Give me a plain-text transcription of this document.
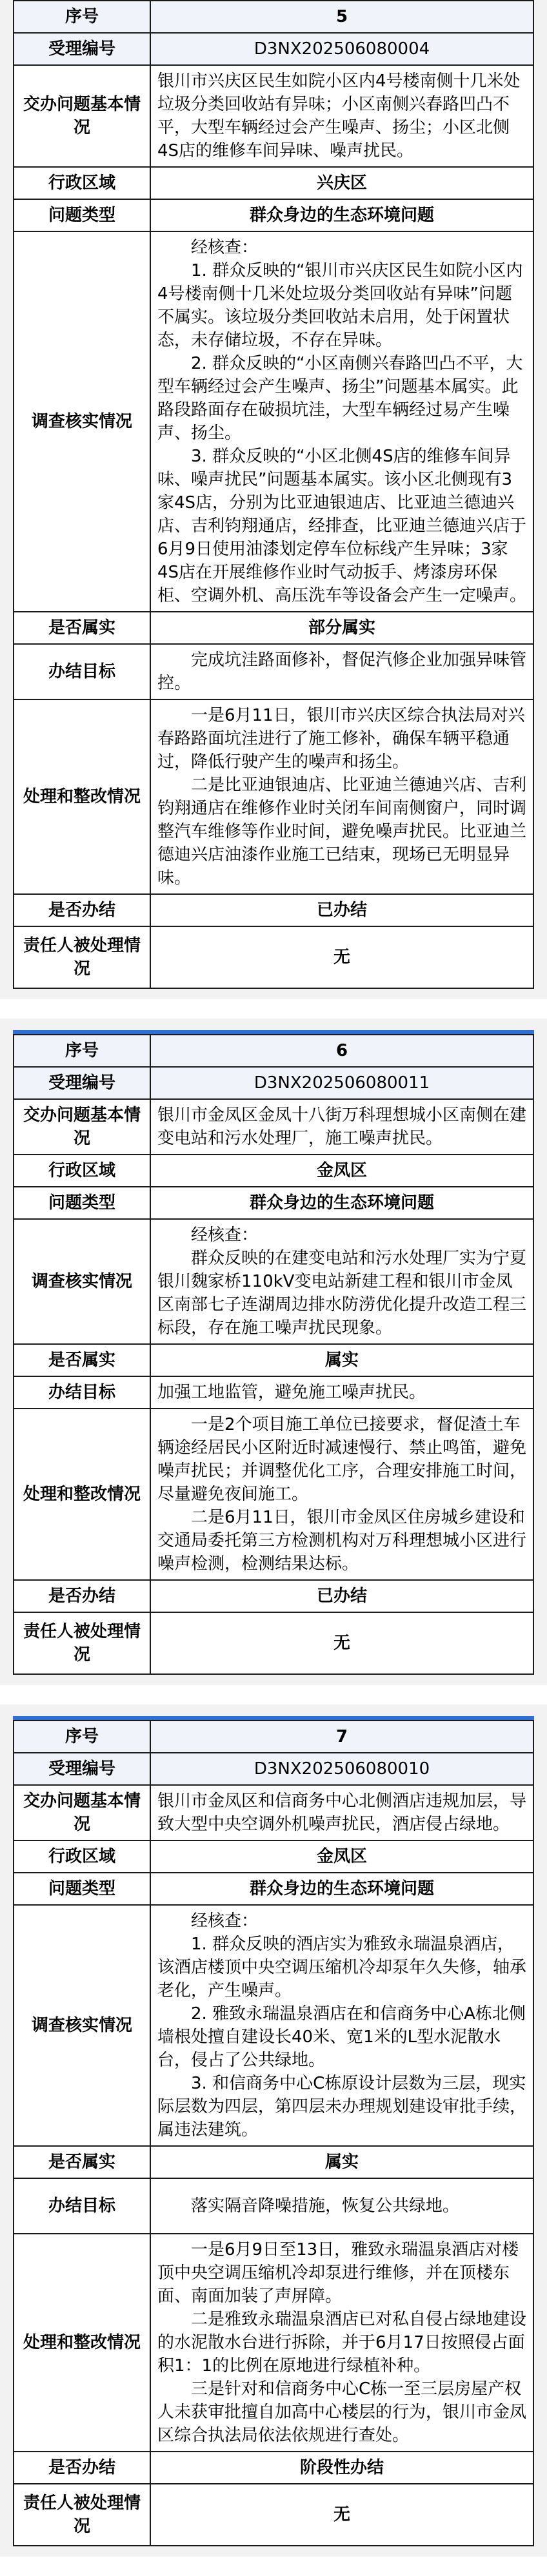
序号	5
受理编号	D3NX202506080004
交办问题基本情况	银川市兴庆区民生如院小区内4号楼南侧十几米处垃圾分类回收站有异味；小区南侧兴春路凹凸不平，大型车辆经过会产生噪声、扬尘；小区北侧4S店的维修车间异味、噪声扰民。
行政区域	兴庆区
问题类型	群众身边的生态环境问题
调查核实情况	经核查：

1. 群众反映的“银川市兴庆区民生如院小区内4号楼南侧十几米处垃圾分类回收站有异味”问题不属实。该垃圾分类回收站未启用，处于闲置状态，未存储垃圾，不存在异味。

2. 群众反映的“小区南侧兴春路凹凸不平，大型车辆经过会产生噪声、扬尘”问题基本属实。此路段路面存在破损坑洼，大型车辆经过易产生噪声、扬尘。

3. 群众反映的“小区北侧4S店的维修车间异味、噪声扰民”问题基本属实。该小区北侧现有3家4S店，分别为比亚迪银迪店、比亚迪兰德迪兴店、吉利钧翔通店，经排查，比亚迪兰德迪兴店于6月9日使用油漆划定停车位标线产生异味；3家4S店在开展维修作业时气动扳手、烤漆房环保柜、空调外机、高压洗车等设备会产生一定噪声。

是否属实	部分属实
办结目标	完成坑洼路面修补，督促汽修企业加强异味管控。

处理和整改情况	一是6月11日，银川市兴庆区综合执法局对兴春路路面坑洼进行了施工修补，确保车辆平稳通过，降低行驶产生的噪声和扬尘。

二是比亚迪银迪店、比亚迪兰德迪兴店、吉利钧翔通店在维修作业时关闭车间南侧窗户，同时调整汽车维修等作业时间，避免噪声扰民。比亚迪兰德迪兴店油漆作业施工已结束，现场已无明显异味。

是否办结	已办结
责任人被处理情况	无
序号	6
受理编号	D3NX202506080011
交办问题基本情况	银川市金凤区金凤十八街万科理想城小区南侧在建变电站和污水处理厂，施工噪声扰民。
行政区域	金凤区
问题类型	群众身边的生态环境问题
调查核实情况	经核查：

群众反映的在建变电站和污水处理厂实为宁夏银川魏家桥110kV变电站新建工程和银川市金凤区南部七子连湖周边排水防涝优化提升改造工程三标段，存在施工噪声扰民现象。

是否属实	属实
办结目标	加强工地监管，避免施工噪声扰民。
处理和整改情况	一是2个项目施工单位已接要求，督促渣土车辆途经居民小区附近时减速慢行、禁止鸣笛，避免噪声扰民；并调整优化工序，合理安排施工时间，尽量避免夜间施工。

二是6月11日，银川市金凤区住房城乡建设和交通局委托第三方检测机构对万科理想城小区进行噪声检测，检测结果达标。

是否办结	已办结
责任人被处理情况	无
序号	7
受理编号	D3NX202506080010
交办问题基本情况	银川市金凤区和信商务中心北侧酒店违规加层，导致大型中央空调外机噪声扰民，酒店侵占绿地。
行政区域	金凤区
问题类型	群众身边的生态环境问题
调查核实情况	经核查：

1. 群众反映的酒店实为雅致永瑞温泉酒店，该酒店楼顶中央空调压缩机冷却泵年久失修，轴承老化，产生噪声。

2. 雅致永瑞温泉酒店在和信商务中心A栋北侧墙根处擅自建设长40米、宽1米的L型水泥散水台，侵占了公共绿地。

3. 和信商务中心C栋原设计层数为三层，现实际层数为四层，第四层未办理规划建设审批手续，属违法建筑。

是否属实	属实
办结目标	落实隔音降噪措施，恢复公共绿地。

处理和整改情况	一是6月9日至13日，雅致永瑞温泉酒店对楼顶中央空调压缩机冷却泵进行维修，并在顶楼东面、南面加装了声屏障。

二是雅致永瑞温泉酒店已对私自侵占绿地建设的水泥散水台进行拆除，并于6月17日按照侵占面积1：1的比例在原地进行绿植补种。

三是针对和信商务中心C栋一至三层房屋产权人未获审批擅自加高中心楼层的行为，银川市金凤区综合执法局依法依规进行查处。

是否办结	阶段性办结
责任人被处理情况	无
